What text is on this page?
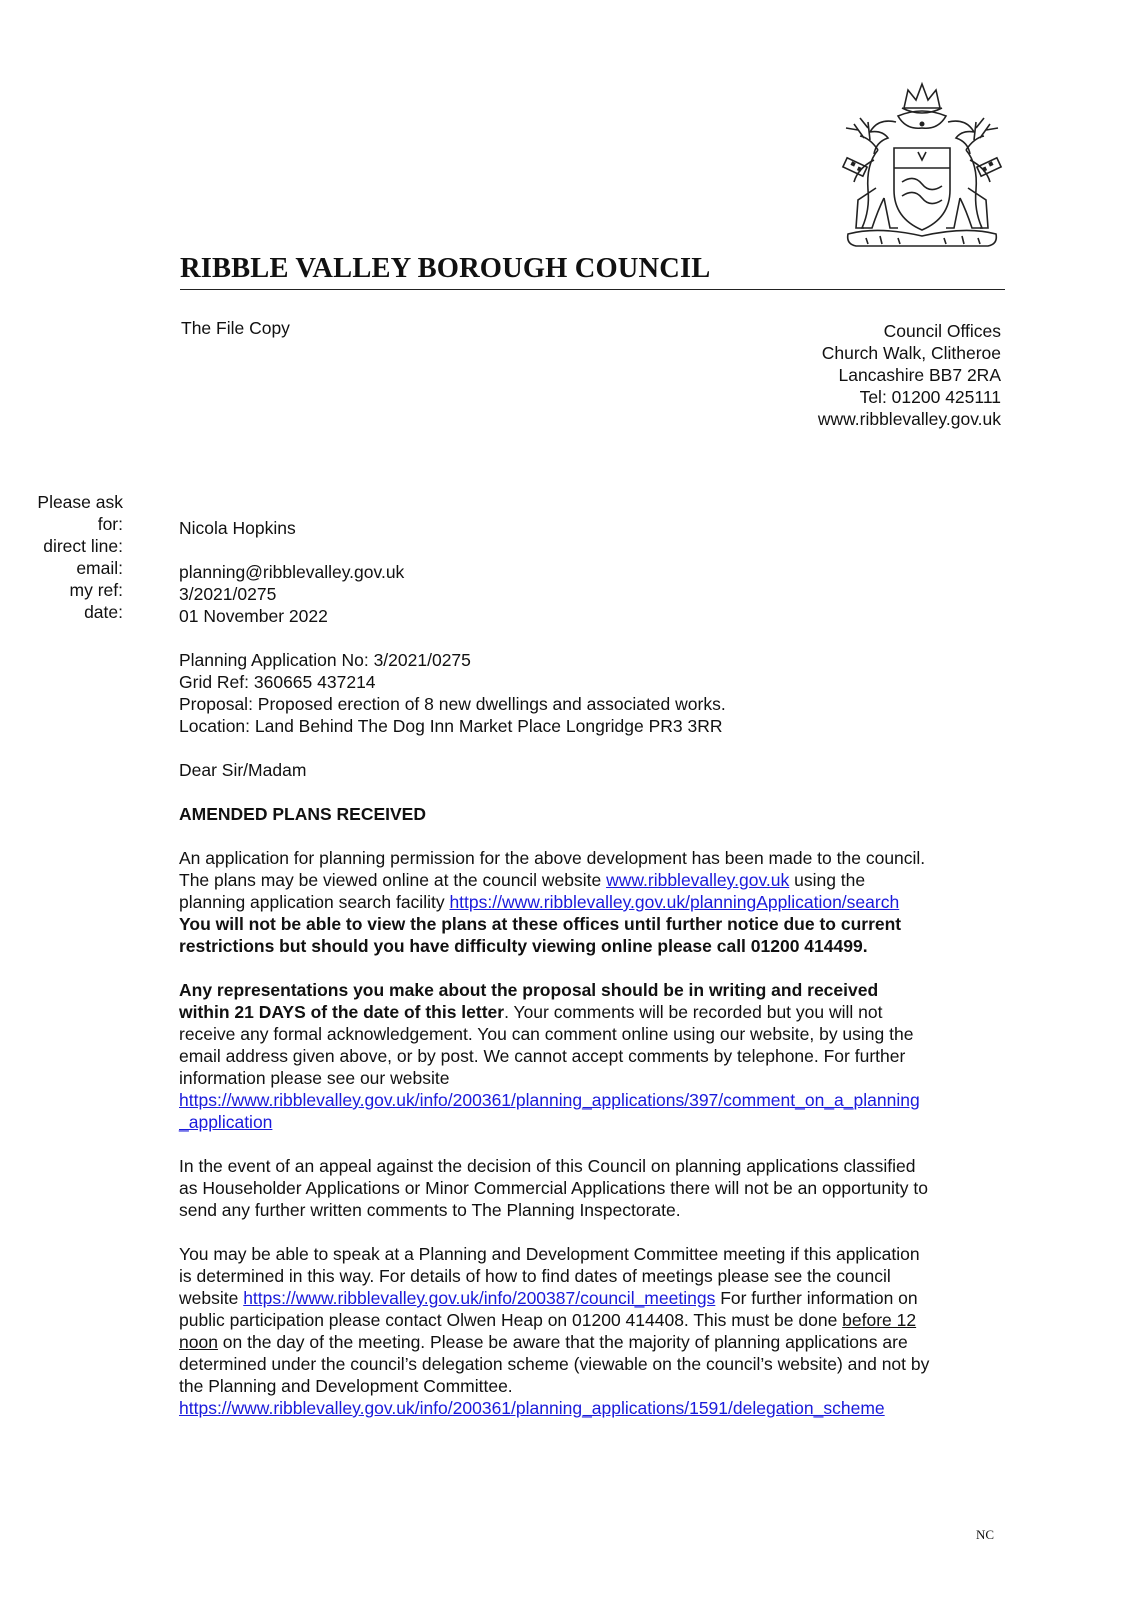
RIBBLE VALLEY BOROUGH COUNCIL
The File Copy	Council Offices
Church Walk, Clitheroe
Lancashire BB7 2RA
Tel: 01200 425111
www.ribblevalley.gov.uk
Please ask
for:
direct line:
email:
my ref:
date:
Nicola Hopkins
planning@ribblevalley.gov.uk
3/2021/0275
01 November 2022
Planning Application No: 3/2021/0275
Grid Ref: 360665 437214
Proposal: Proposed erection of 8 new dwellings and associated works.
Location: Land Behind The Dog Inn Market Place Longridge PR3 3RR
Dear Sir/Madam
AMENDED PLANS RECEIVED
An application for planning permission for the above development has been made to the council.
The plans may be viewed online at the council website www.ribblevalley.gov.uk using the
planning application search facility https://www.ribblevalley.gov.uk/planningApplication/search
You will not be able to view the plans at these offices until further notice due to current
restrictions but should you have difficulty viewing online please call 01200 414499.
Any representations you make about the proposal should be in writing and received
within 21 DAYS of the date of this letter. Your comments will be recorded but you will not
receive any formal acknowledgement. You can comment online using our website, by using the
email address given above, or by post. We cannot accept comments by telephone. For further
information please see our website
https://www.ribblevalley.gov.uk/info/200361/planning_applications/397/comment_on_a_planning
_application
In the event of an appeal against the decision of this Council on planning applications classified
as Householder Applications or Minor Commercial Applications there will not be an opportunity to
send any further written comments to The Planning Inspectorate.
You may be able to speak at a Planning and Development Committee meeting if this application
is determined in this way. For details of how to find dates of meetings please see the council
website https://www.ribblevalley.gov.uk/info/200387/council_meetings For further information on
public participation please contact Olwen Heap on 01200 414408. This must be done before 12
noon on the day of the meeting. Please be aware that the majority of planning applications are
determined under the council’s delegation scheme (viewable on the council’s website) and not by
the Planning and Development Committee.
https://www.ribblevalley.gov.uk/info/200361/planning_applications/1591/delegation_scheme
NC
